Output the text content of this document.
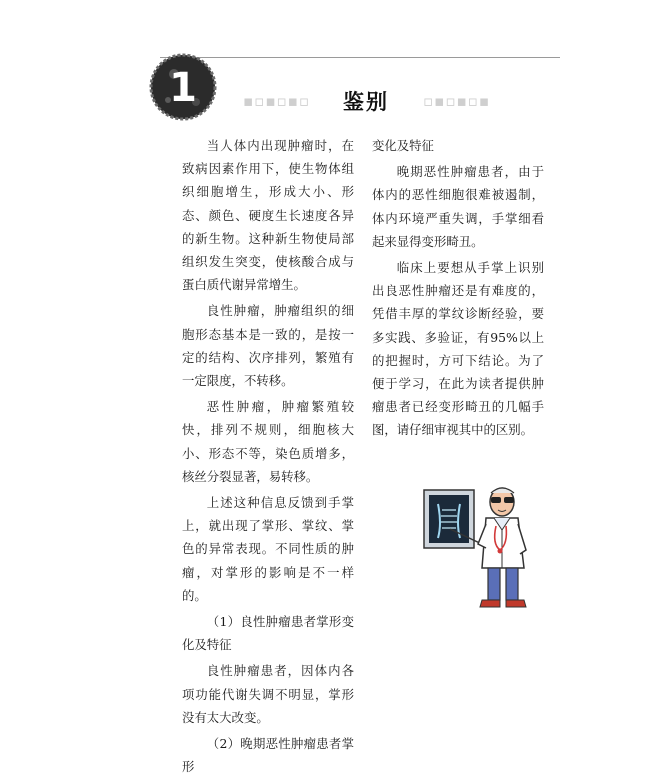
1	▪▫▪▫▪▫ 鉴别 ▫▪▫▪▫▪

当人体内出现肿瘤时，在致病因素作用下，使生物体组织细胞增生，形成大小、形态、颜色、硬度生长速度各异的新生物。这种新生物使局部组织发生突变，使核酸合成与蛋白质代谢异常增生。

良性肿瘤，肿瘤组织的细胞形态基本是一致的，是按一定的结构、次序排列，繁殖有一定限度，不转移。

恶性肿瘤，肿瘤繁殖较快，排列不规则，细胞核大小、形态不等，染色质增多，核丝分裂显著，易转移。

上述这种信息反馈到手掌上，就出现了掌形、掌纹、掌色的异常表现。不同性质的肿瘤，对掌形的影响是不一样的。

（1）良性肿瘤患者掌形变化及特征

良性肿瘤患者，因体内各项功能代谢失调不明显，掌形没有太大改变。

（2）晚期恶性肿瘤患者掌形

变化及特征

晚期恶性肿瘤患者，由于体内的恶性细胞很难被遏制，体内环境严重失调，手掌细看起来显得变形畸丑。

临床上要想从手掌上识别出良恶性肿瘤还是有难度的，凭借丰厚的掌纹诊断经验，要多实践、多验证，有95%以上的把握时，方可下结论。为了便于学习，在此为读者提供肿瘤患者已经变形畸丑的几幅手图，请仔细审视其中的区别。
